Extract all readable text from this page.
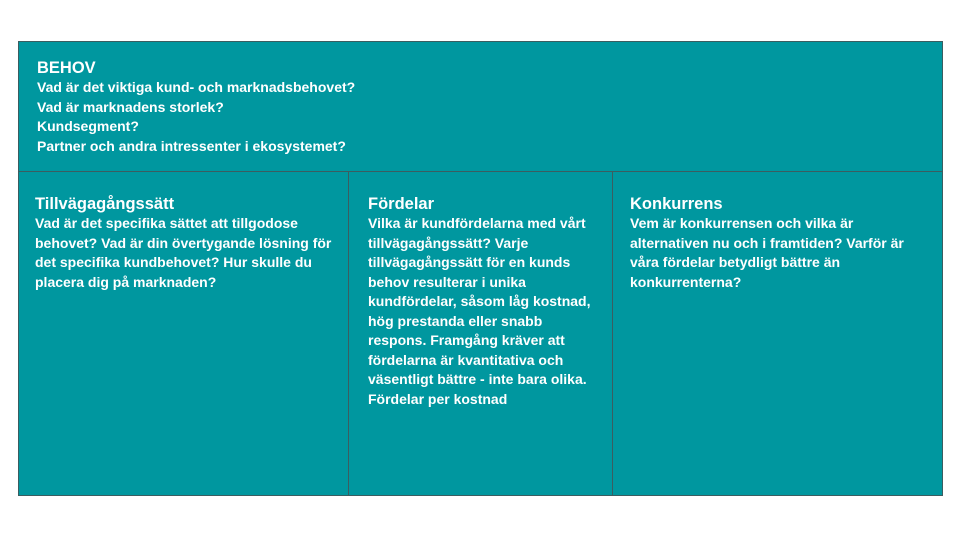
BEHOV

Vad är det viktiga kund- och marknadsbehovet?
Vad är marknadens storlek?
Kundsegment?
Partner och andra intressenter i ekosystemet?

Tillvägagångssätt

Vad är det specifika sättet att tillgodose behovet? Vad är din övertygande lösning för det specifika kundbehovet? Hur skulle du placera dig på marknaden?

Fördelar

Vilka är kundfördelarna med vårt tillvägagångssätt? Varje tillvägagångssätt för en kunds behov resulterar i unika kundfördelar, såsom låg kostnad, hög prestanda eller snabb respons. Framgång kräver att fördelarna är kvantitativa och väsentligt bättre - inte bara olika. Fördelar per kostnad

Konkurrens

Vem är konkurrensen och vilka är alternativen nu och i framtiden? Varför är våra fördelar betydligt bättre än konkurrenterna?
